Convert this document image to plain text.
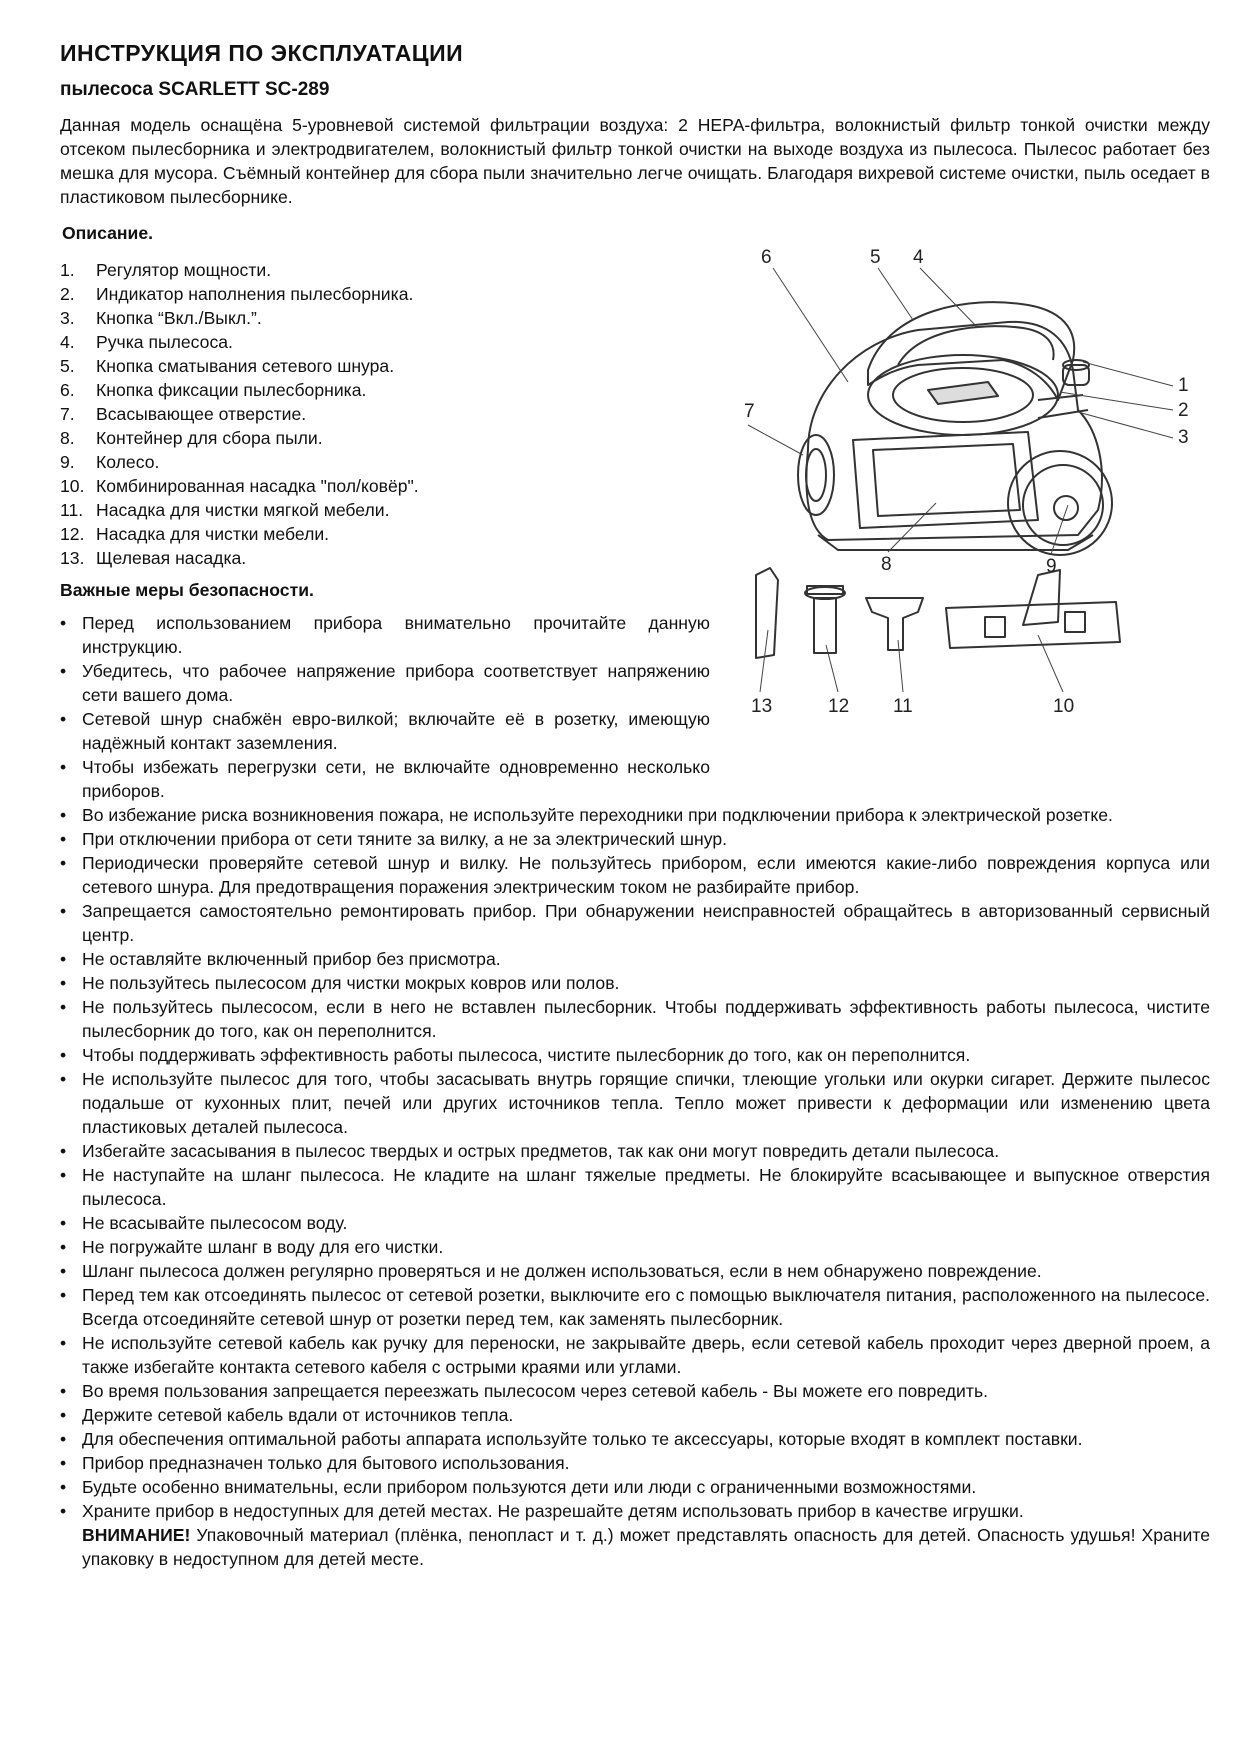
ИНСТРУКЦИЯ ПО ЭКСПЛУАТАЦИИ
пылесоса SCARLETT SC-289

Данная модель оснащёна 5-уровневой системой фильтрации воздуха: 2 НЕРА-фильтра, волокнистый фильтр тонкой очистки между отсеком пылесборника и электродвигателем, волокнистый фильтр тонкой очистки на выходе воздуха из пылесоса. Пылесос работает без мешка для мусора. Съёмный контейнер для сбора пыли значительно легче очищать. Благодаря вихревой системе очистки, пыль оседает в пластиковом пылесборнике.

Описание.
1.	Регулятор мощности.
2.	Индикатор наполнения пылесборника.
3.	Кнопка “Вкл./Выкл.”.
4.	Ручка пылесоса.
5.	Кнопка сматывания сетевого шнура.
6.	Кнопка фиксации пылесборника.
7.	Всасывающее отверстие.
8.	Контейнер для сбора пыли.
9.	Колесо.
10. Комбинированная насадка "пол/ковёр".
11. Насадка для чистки мягкой мебели.
12. Насадка для чистки мебели.
13. Щелевая насадка.
Важные меры безопасности.
• Перед использованием прибора внимательно прочитайте данную инструкцию.
• Убедитесь, что рабочее напряжение прибора соответствует напряжению сети вашего дома.
• Сетевой шнур снабжён евро-вилкой; включайте её в розетку, имеющую надёжный контакт заземления.
• Чтобы избежать перегрузки сети, не включайте одновременно несколько приборов.
• Во избежание риска возникновения пожара, не используйте переходники при подключении прибора к электрической розетке.
• При отключении прибора от сети тяните за вилку, а не за электрический шнур.
• Периодически проверяйте сетевой шнур и вилку. Не пользуйтесь прибором, если имеются какие-либо повреждения корпуса или сетевого шнура. Для предотвращения поражения электрическим током не разбирайте прибор.
• Запрещается самостоятельно ремонтировать прибор. При обнаружении неисправностей обращайтесь в авторизованный сервисный центр.
• Не оставляйте включенный прибор без присмотра.
• Не пользуйтесь пылесосом для чистки мокрых ковров или полов.
• Не пользуйтесь пылесосом, если в него не вставлен пылесборник. Чтобы поддерживать эффективность работы пылесоса, чистите пылесборник до того, как он переполнится.
• Чтобы поддерживать эффективность работы пылесоса, чистите пылесборник до того, как он переполнится.
• Не используйте пылесос для того, чтобы засасывать внутрь горящие спички, тлеющие угольки или окурки сигарет. Держите пылесос подальше от кухонных плит, печей или других источников тепла. Тепло может привести к деформации или изменению цвета пластиковых деталей пылесоса.
• Избегайте засасывания в пылесос твердых и острых предметов, так как они могут повредить детали пылесоса.
• Не наступайте на шланг пылесоса. Не кладите на шланг тяжелые предметы. Не блокируйте всасывающее и выпускное отверстия пылесоса.
• Не всасывайте пылесосом воду.
• Не погружайте шланг в воду для его чистки.
• Шланг пылесоса должен регулярно проверяться и не должен использоваться, если в нем обнаружено повреждение.
• Перед тем как отсоединять пылесос от сетевой розетки, выключите его с помощью выключателя питания, расположенного на пылесосе. Всегда отсоединяйте сетевой шнур от розетки перед тем, как заменять пылесборник.
• Не используйте сетевой кабель как ручку для переноски, не закрывайте дверь, если сетевой кабель проходит через дверной проем, а также избегайте контакта сетевого кабеля с острыми краями или углами.
• Во время пользования запрещается переезжать пылесосом через сетевой кабель - Вы можете его повредить.
• Держите сетевой кабель вдали от источников тепла.
• Для обеспечения оптимальной работы аппарата используйте только те аксессуары, которые входят в комплект поставки.
• Прибор предназначен только для бытового использования.
• Будьте особенно внимательны, если прибором пользуются дети или люди с ограниченными возможностями.
• Храните прибор в недоступных для детей местах. Не разрешайте детям использовать прибор в качестве игрушки.
ВНИМАНИЕ! Упаковочный материал (плёнка, пенопласт и т. д.) может представлять опасность для детей. Опасность удушья! Храните упаковку в недоступном для детей месте.
6	5 4
1
2
3
7
8	9
13	12 11	10
